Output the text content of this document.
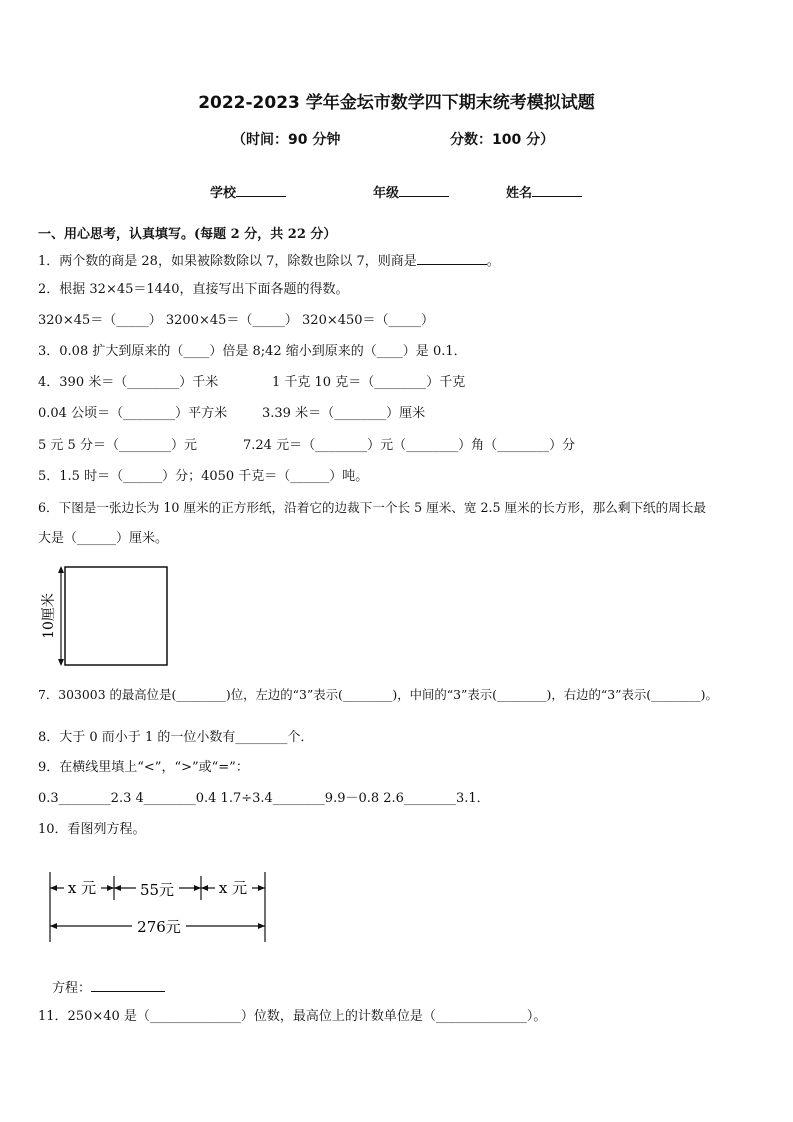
2022-2023 学年金坛市数学四下期末统考模拟试题
（时间：90 分钟	分数：100 分）
学校	年级	姓名
一、用心思考，认真填写。(每题 2 分，共 22 分）
1．两个数的商是 28，如果被除数除以 7，除数也除以 7，则商是	。
2．根据 32×45＝1440，直接写出下面各题的得数。
320×45＝（_____） 3200×45＝（_____） 320×450＝（_____）
3．0.08 扩大到原来的（____）倍是 8;42 缩小到原来的（____）是 0.1．
4．390 米＝（________）千米	1 千克 10 克＝（________）千克
0.04 公顷＝（________）平方米	3.39 米＝（________）厘米
5 元 5 分＝（________）元	7.24 元＝（________）元（________）角（________）分
5．1.5 时＝（______）分；4050 千克＝（______）吨。
6．下图是一张边长为 10 厘米的正方形纸，沿着它的边裁下一个长 5 厘米、宽 2.5 厘米的长方形，那么剩下纸的周长最
大是（______）厘米。
10厘米
7．303003 的最高位是(________)位，左边的“3”表示(________)，中间的“3”表示(________)，右边的“3”表示(________)。
8．大于 0 而小于 1 的一位小数有________个．
9．在横线里填上“<”，“>”或“=”：
0.3________2.3 4________0.4 1.7÷3.4________9.9－0.8 2.6________3.1．
10．看图列方程。
x 元	55元	x 元
276元
方程：
11．250×40 是（______________）位数，最高位上的计数单位是（______________）。
